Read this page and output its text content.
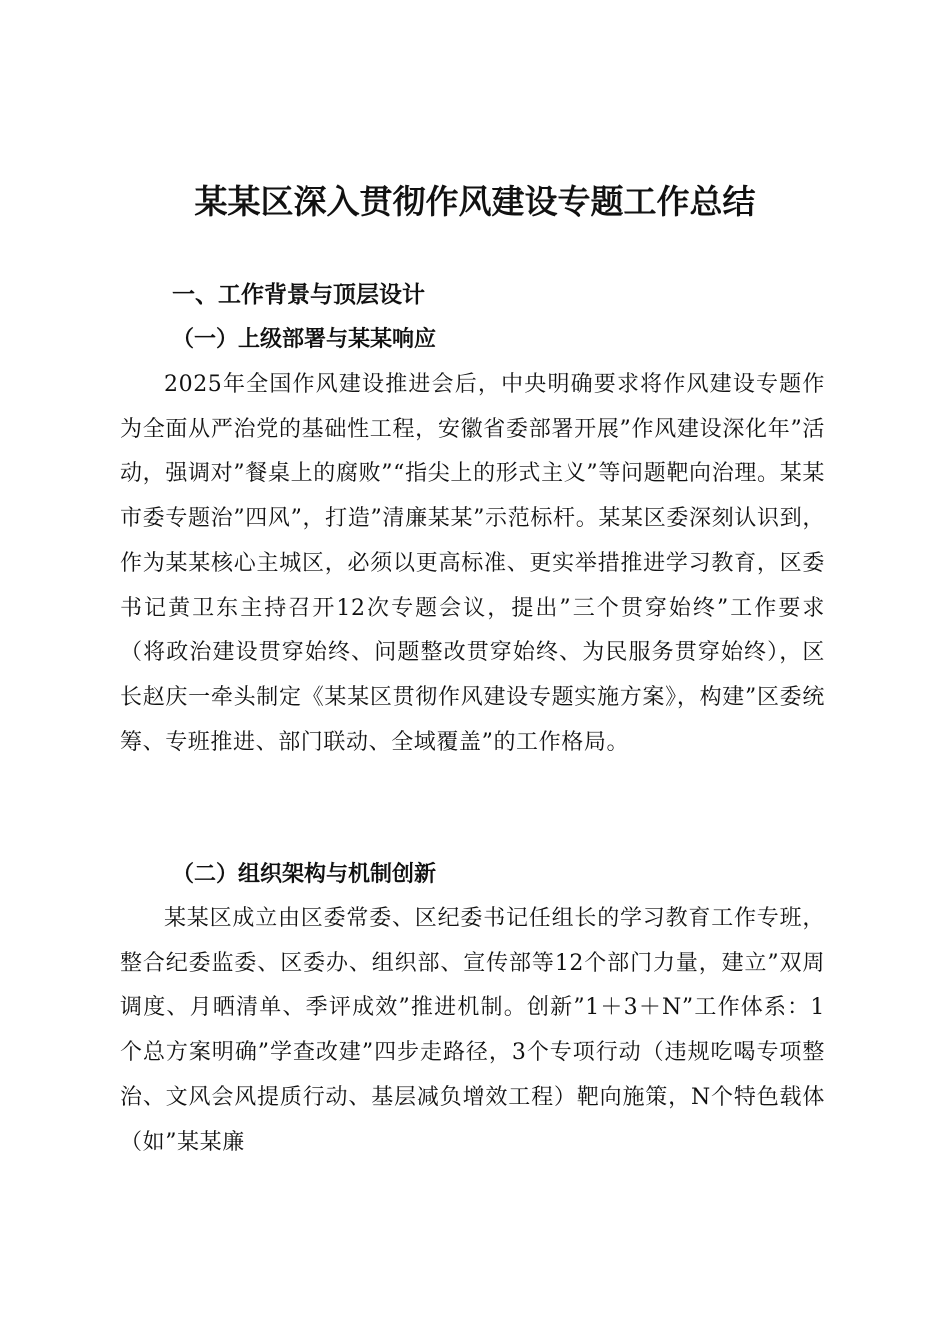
某某区深入贯彻作风建设专题工作总结
一、工作背景与顶层设计
（一）上级部署与某某响应

2025年全国作风建设推进会后，中央明确要求将作风建设专题作为全面从严治党的基础性工程，安徽省委部署开展”作风建设深化年”活动，强调对”餐桌上的腐败”“指尖上的形式主义”等问题靶向治理。某某市委专题治”四风”，打造”清廉某某”示范标杆。某某区委深刻认识到，作为某某核心主城区，必须以更高标准、更实举措推进学习教育，区委书记黄卫东主持召开12次专题会议，提出”三个贯穿始终”工作要求（将政治建设贯穿始终、问题整改贯穿始终、为民服务贯穿始终），区长赵庆一牵头制定《某某区贯彻作风建设专题实施方案》，构建”区委统筹、专班推进、部门联动、全域覆盖”的工作格局。

（二）组织架构与机制创新

某某区成立由区委常委、区纪委书记任组长的学习教育工作专班，整合纪委监委、区委办、组织部、宣传部等12个部门力量，建立”双周调度、月晒清单、季评成效”推进机制。创新”1＋3＋N”工作体系：1个总方案明确”学查改建”四步走路径，3个专项行动（违规吃喝专项整治、文风会风提质行动、基层减负增效工程）靶向施策，N个特色载体（如”某某廉
